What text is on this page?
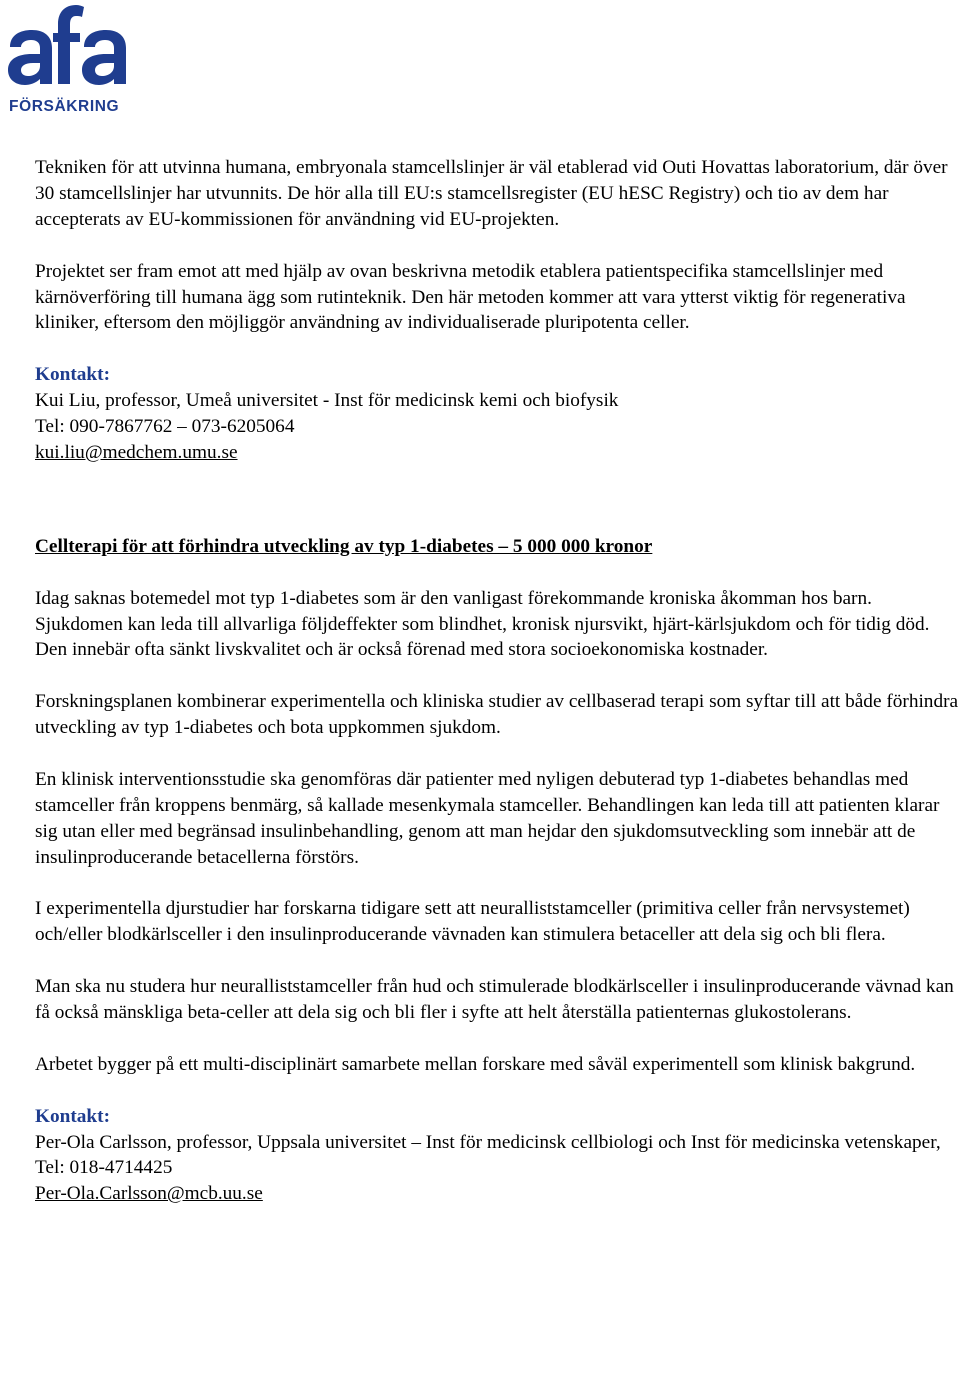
FÖRSÄKRING

Tekniken för att utvinna humana, embryonala stamcellslinjer är väl etablerad vid Outi Hovattas laboratorium, där över 30 stamcellslinjer har utvunnits. De hör alla till EU:s stamcellsregister (EU hESC Registry) och tio av dem har accepterats av EU-kommissionen för användning vid EU-projekten.

Projektet ser fram emot att med hjälp av ovan beskrivna metodik etablera patientspecifika stamcellslinjer med kärnöverföring till humana ägg som rutinteknik. Den här metoden kommer att vara ytterst viktig för regenerativa kliniker, eftersom den möjliggör användning av individualiserade pluripotenta celler.

Kontakt:

Kui Liu, professor, Umeå universitet - Inst för medicinsk kemi och biofysik

Tel: 090-7867762 – 073-6205064

kui.liu@medchem.umu.se

Cellterapi för att förhindra utveckling av typ 1-diabetes – 5 000 000 kronor

Idag saknas botemedel mot typ 1-diabetes som är den vanligast förekommande kroniska åkomman hos barn. Sjukdomen kan leda till allvarliga följdeffekter som blindhet, kronisk njursvikt, hjärt-kärlsjukdom och för tidig död. Den innebär ofta sänkt livskvalitet och är också förenad med stora socioekonomiska kostnader.

Forskningsplanen kombinerar experimentella och kliniska studier av cellbaserad terapi som syftar till att både förhindra utveckling av typ 1-diabetes och bota uppkommen sjukdom.

En klinisk interventionsstudie ska genomföras där patienter med nyligen debuterad typ 1-diabetes behandlas med stamceller från kroppens benmärg, så kallade mesenkymala stamceller. Behandlingen kan leda till att patienten klarar sig utan eller med begränsad insulinbehandling, genom att man hejdar den sjukdomsutveckling som innebär att de insulinproducerande betacellerna förstörs.

I experimentella djurstudier har forskarna tidigare sett att neuralliststamceller (primitiva celler från nervsystemet) och/eller blodkärlsceller i den insulinproducerande vävnaden kan stimulera betaceller att dela sig och bli flera.

Man ska nu studera hur neuralliststamceller från hud och stimulerade blodkärlsceller i insulinproducerande vävnad kan få också mänskliga beta-celler att dela sig och bli fler i syfte att helt återställa patienternas glukostolerans.

Arbetet bygger på ett multi-disciplinärt samarbete mellan forskare med såväl experimentell som klinisk bakgrund.

Kontakt:

Per-Ola Carlsson, professor, Uppsala universitet – Inst för medicinsk cellbiologi och Inst för medicinska vetenskaper,

Tel: 018-4714425

Per-Ola.Carlsson@mcb.uu.se
